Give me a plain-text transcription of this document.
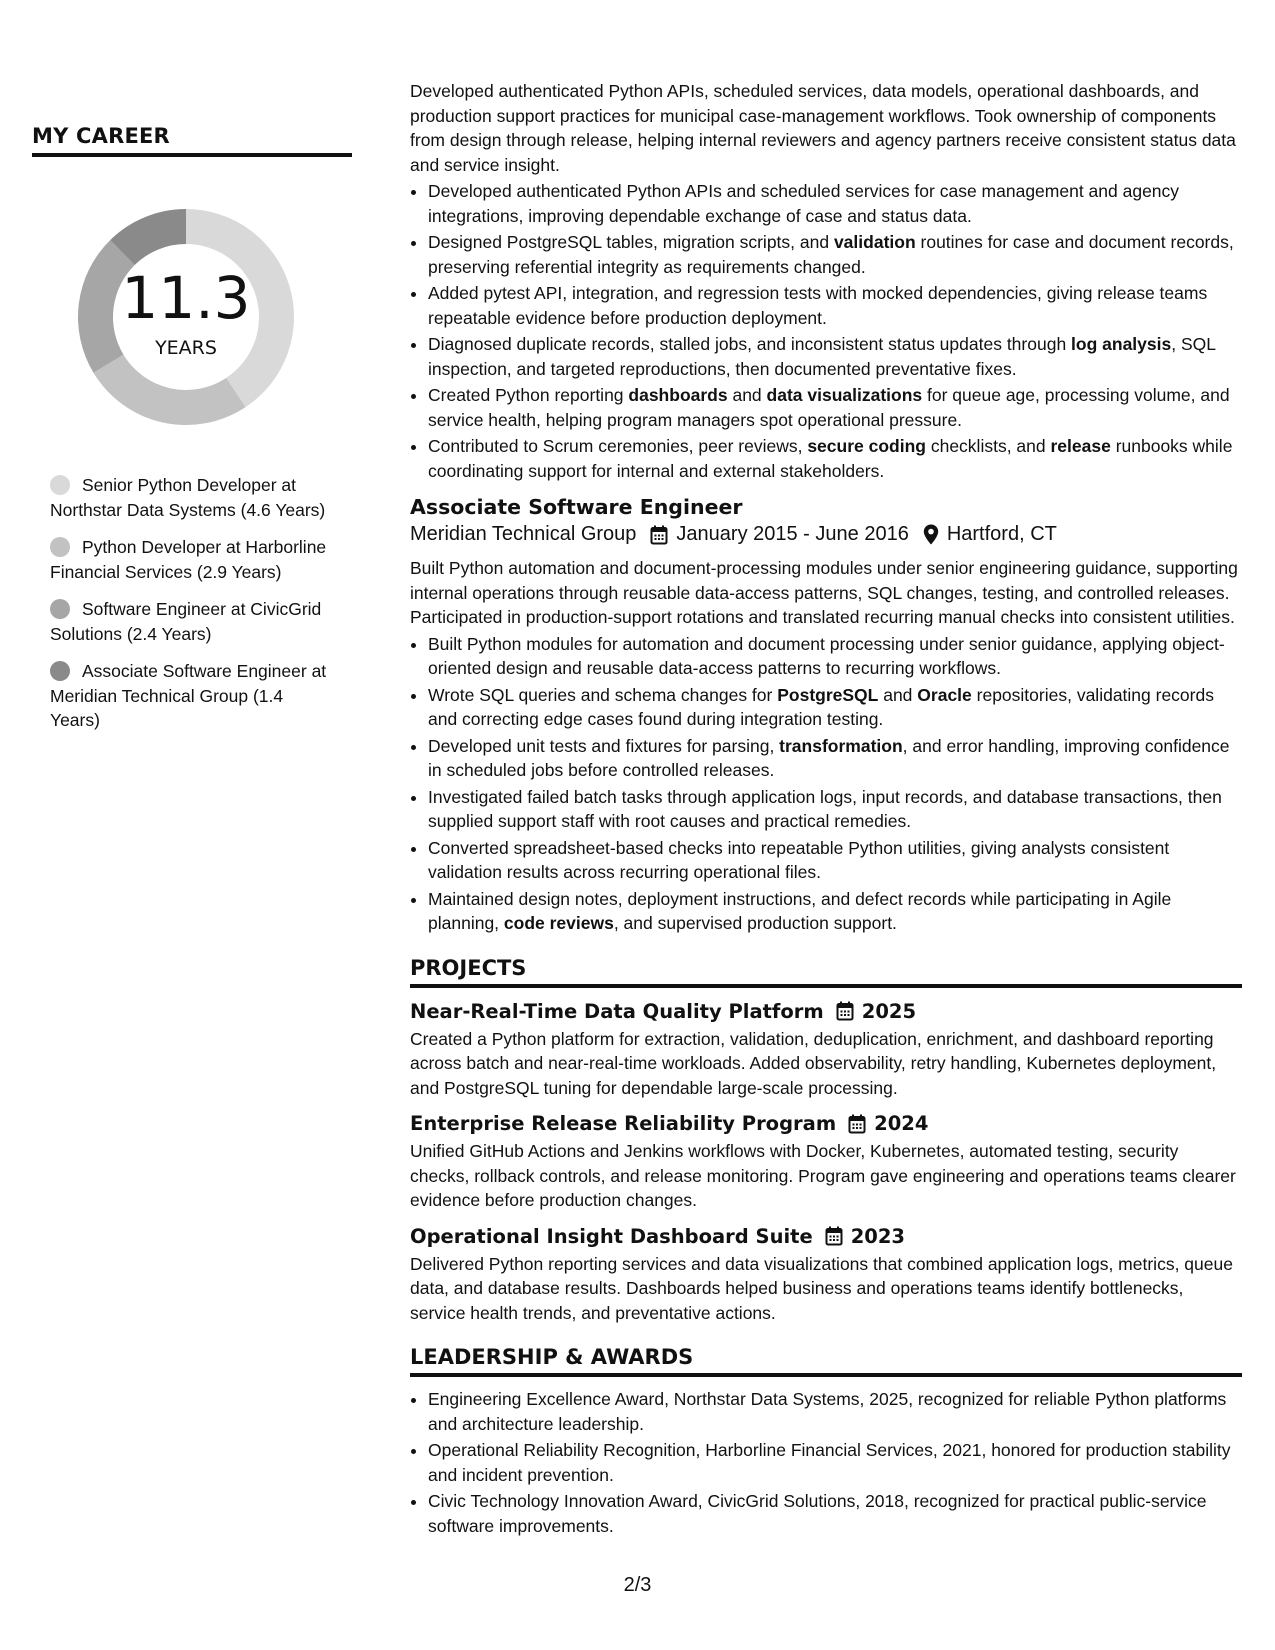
MY CAREER
11.3
YEARS
Senior Python Developer at Northstar Data Systems (4.6 Years)
Python Developer at Harborline Financial Services (2.9 Years)
Software Engineer at CivicGrid Solutions (2.4 Years)
Associate Software Engineer at Meridian Technical Group (1.4 Years)

Developed authenticated Python APIs, scheduled services, data models, operational dashboards, and production support practices for municipal case-management workflows. Took ownership of components from design through release, helping internal reviewers and agency partners receive consistent status data and service insight.

• Developed authenticated Python APIs and scheduled services for case management and agency integrations, improving dependable exchange of case and status data.
• Designed PostgreSQL tables, migration scripts, and validation routines for case and document records, preserving referential integrity as requirements changed.
• Added pytest API, integration, and regression tests with mocked dependencies, giving release teams repeatable evidence before production deployment.
• Diagnosed duplicate records, stalled jobs, and inconsistent status updates through log analysis, SQL inspection, and targeted reproductions, then documented preventative fixes.
• Created Python reporting dashboards and data visualizations for queue age, processing volume, and service health, helping program managers spot operational pressure.
• Contributed to Scrum ceremonies, peer reviews, secure coding checklists, and release runbooks while coordinating support for internal and external stakeholders.
Associate Software Engineer
Meridian Technical Group January 2015 - June 2016 Hartford, CT

Built Python automation and document-processing modules under senior engineering guidance, supporting internal operations through reusable data-access patterns, SQL changes, testing, and controlled releases. Participated in production-support rotations and translated recurring manual checks into consistent utilities.

• Built Python modules for automation and document processing under senior guidance, applying object-oriented design and reusable data-access patterns to recurring workflows.
• Wrote SQL queries and schema changes for PostgreSQL and Oracle repositories, validating records and correcting edge cases found during integration testing.
• Developed unit tests and fixtures for parsing, transformation, and error handling, improving confidence in scheduled jobs before controlled releases.
• Investigated failed batch tasks through application logs, input records, and database transactions, then supplied support staff with root causes and practical remedies.
• Converted spreadsheet-based checks into repeatable Python utilities, giving analysts consistent validation results across recurring operational files.
• Maintained design notes, deployment instructions, and defect records while participating in Agile planning, code reviews, and supervised production support.
PROJECTS
Near-Real-Time Data Quality Platform 2025

Created a Python platform for extraction, validation, deduplication, enrichment, and dashboard reporting across batch and near-real-time workloads. Added observability, retry handling, Kubernetes deployment, and PostgreSQL tuning for dependable large-scale processing.

Enterprise Release Reliability Program 2024

Unified GitHub Actions and Jenkins workflows with Docker, Kubernetes, automated testing, security checks, rollback controls, and release monitoring. Program gave engineering and operations teams clearer evidence before production changes.

Operational Insight Dashboard Suite 2023

Delivered Python reporting services and data visualizations that combined application logs, metrics, queue data, and database results. Dashboards helped business and operations teams identify bottlenecks, service health trends, and preventative actions.

LEADERSHIP & AWARDS
• Engineering Excellence Award, Northstar Data Systems, 2025, recognized for reliable Python platforms and architecture leadership.
• Operational Reliability Recognition, Harborline Financial Services, 2021, honored for production stability and incident prevention.
• Civic Technology Innovation Award, CivicGrid Solutions, 2018, recognized for practical public-service software improvements.
2/3
